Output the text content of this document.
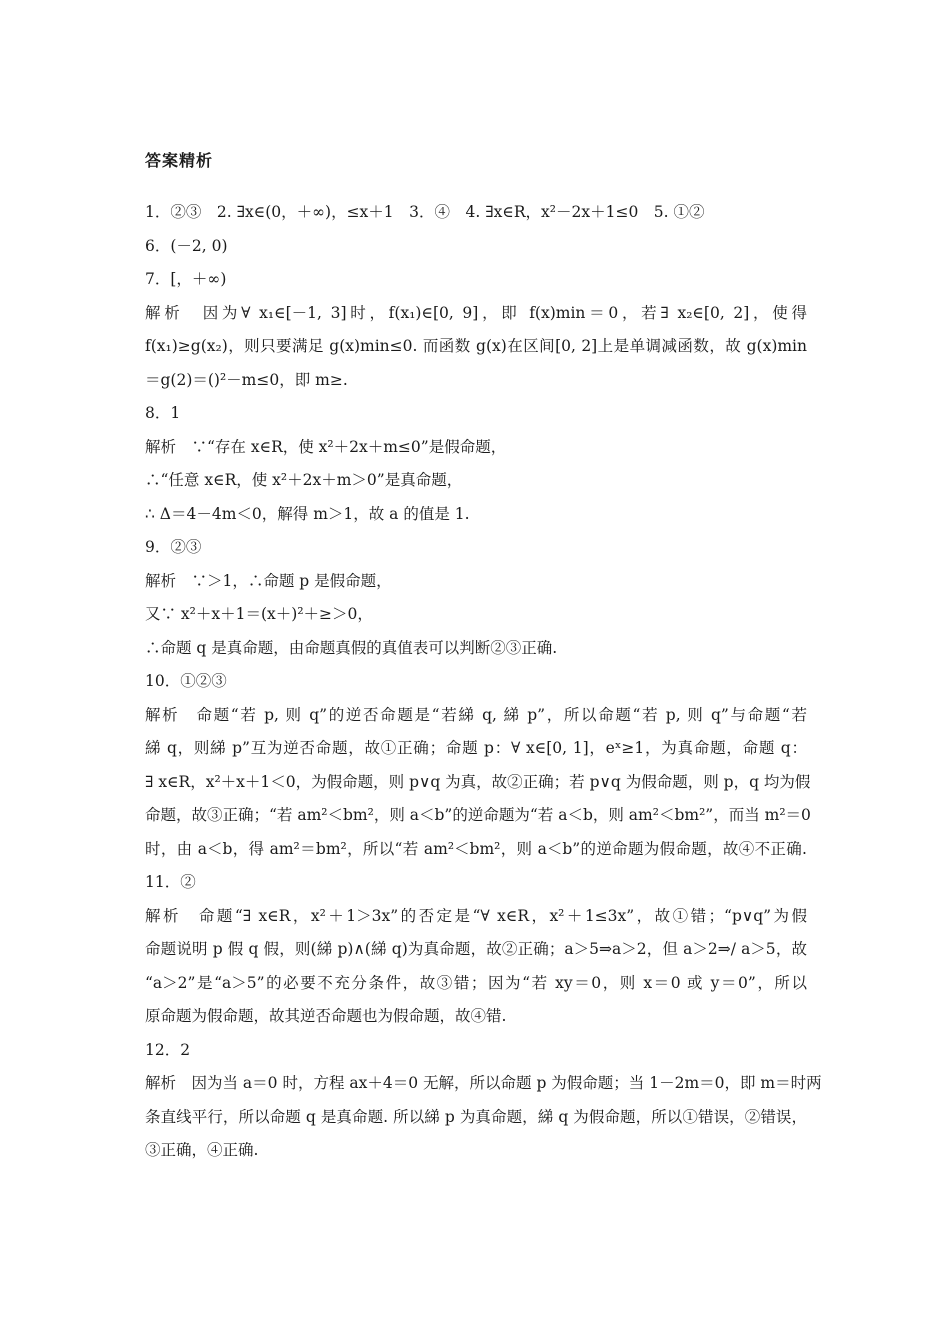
答案精析
1．②③　2. ∃x∈(0，＋∞)，≤x＋1　3．④　4. ∃x∈R，x²－2x＋1≤0　5. ①②
6．(－2, 0)
7．[，＋∞)
解析　因为∀ x₁∈[－1, 3]时，f(x₁)∈[0, 9]，即 f(x)min＝0，若∃ x₂∈[0, 2]，使得
f(x₁)≥g(x₂)，则只要满足 g(x)min≤0. 而函数 g(x)在区间[0, 2]上是单调减函数，故 g(x)min
＝g(2)＝()²－m≤0，即 m≥.
8．1
解析　∵“存在 x∈R，使 x²＋2x＋m≤0”是假命题，
∴“任意 x∈R，使 x²＋2x＋m＞0”是真命题，
∴ Δ＝4－4m＜0，解得 m＞1，故 a 的值是 1.
9．②③
解析　∵＞1，∴命题 p 是假命题，
又∵ x²＋x＋1＝(x＋)²＋≥＞0，
∴命题 q 是真命题，由命题真假的真值表可以判断②③正确.
10．①②③
解析　命题“若 p, 则 q”的逆否命题是“若綈 q, 綈 p”，所以命题“若 p, 则 q”与命题“若
綈 q，则綈 p”互为逆否命题，故①正确；命题 p：∀ x∈[0, 1]，eˣ≥1，为真命题，命题 q：
∃ x∈R，x²＋x＋1＜0，为假命题，则 p∨q 为真，故②正确；若 p∨q 为假命题，则 p，q 均为假
命题，故③正确；“若 am²＜bm²，则 a＜b”的逆命题为“若 a＜b，则 am²＜bm²”，而当 m²＝0
时，由 a＜b，得 am²＝bm²，所以“若 am²＜bm²，则 a＜b”的逆命题为假命题，故④不正确.
11．②
解析　命题“∃ x∈R，x²＋1＞3x”的否定是“∀ x∈R，x²＋1≤3x”，故①错；“p∨q”为假
命题说明 p 假 q 假，则(綈 p)∧(綈 q)为真命题，故②正确；a＞5⇒a＞2，但 a＞2⇒/ a＞5，故
“a＞2”是“a＞5”的必要不充分条件，故③错；因为“若 xy＝0，则 x＝0 或 y＝0”，所以
原命题为假命题，故其逆否命题也为假命题，故④错.
12．2
解析　因为当 a＝0 时，方程 ax＋4＝0 无解，所以命题 p 为假命题；当 1－2m＝0，即 m＝时两
条直线平行，所以命题 q 是真命题. 所以綈 p 为真命题，綈 q 为假命题，所以①错误，②错误，
③正确，④正确.
